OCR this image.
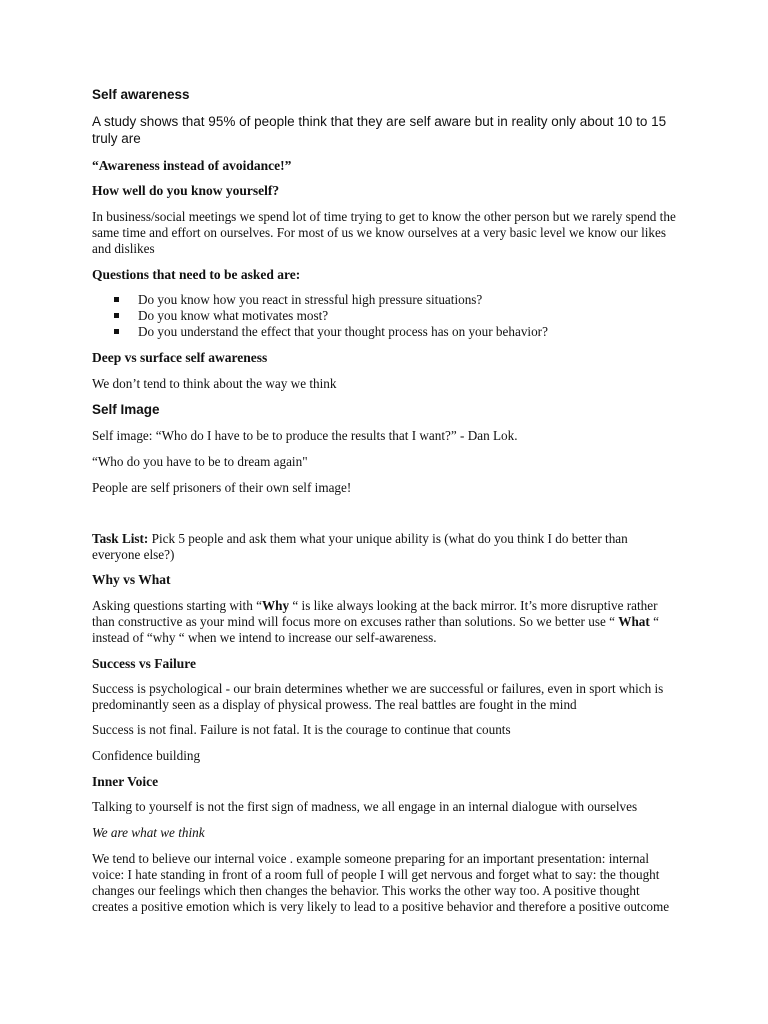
Self awareness

A study shows that 95% of people think that they are self aware but in reality only about 10 to 15 truly are

“Awareness instead of avoidance!”

How well do you know yourself?

In business/social meetings we spend lot of time trying to get to know the other person but we rarely spend the same time and effort on ourselves. For most of us we know ourselves at a very basic level we know our likes and dislikes

Questions that need to be asked are:

Do you know how you react in stressful high pressure situations?
Do you know what motivates most?
Do you understand the effect that your thought process has on your behavior?

Deep vs surface self awareness

We don’t tend to think about the way we think

Self Image

Self image: “Who do I have to be to produce the results that I want?” - Dan Lok.

“Who do you have to be to dream again"

People are self prisoners of their own self image!

Task List: Pick 5 people and ask them what your unique ability is (what do you think I do better than everyone else?)

Why vs What

Asking questions starting with “Why “ is like always looking at the back mirror. It’s more disruptive rather than constructive as your mind will focus more on excuses rather than solutions. So we better use “ What “ instead of “why “ when we intend to increase our self-awareness.

Success vs Failure

Success is psychological - our brain determines whether we are successful or failures, even in sport which is predominantly seen as a display of physical prowess. The real battles are fought in the mind

Success is not final. Failure is not fatal. It is the courage to continue that counts

Confidence building

Inner Voice

Talking to yourself is not the first sign of madness, we all engage in an internal dialogue with ourselves

We are what we think

We tend to believe our internal voice . example someone preparing for an important presentation: internal voice: I hate standing in front of a room full of people I will get nervous and forget what to say: the thought changes our feelings which then changes the behavior. This works the other way too. A positive thought creates a positive emotion which is very likely to lead to a positive behavior and therefore a positive outcome
